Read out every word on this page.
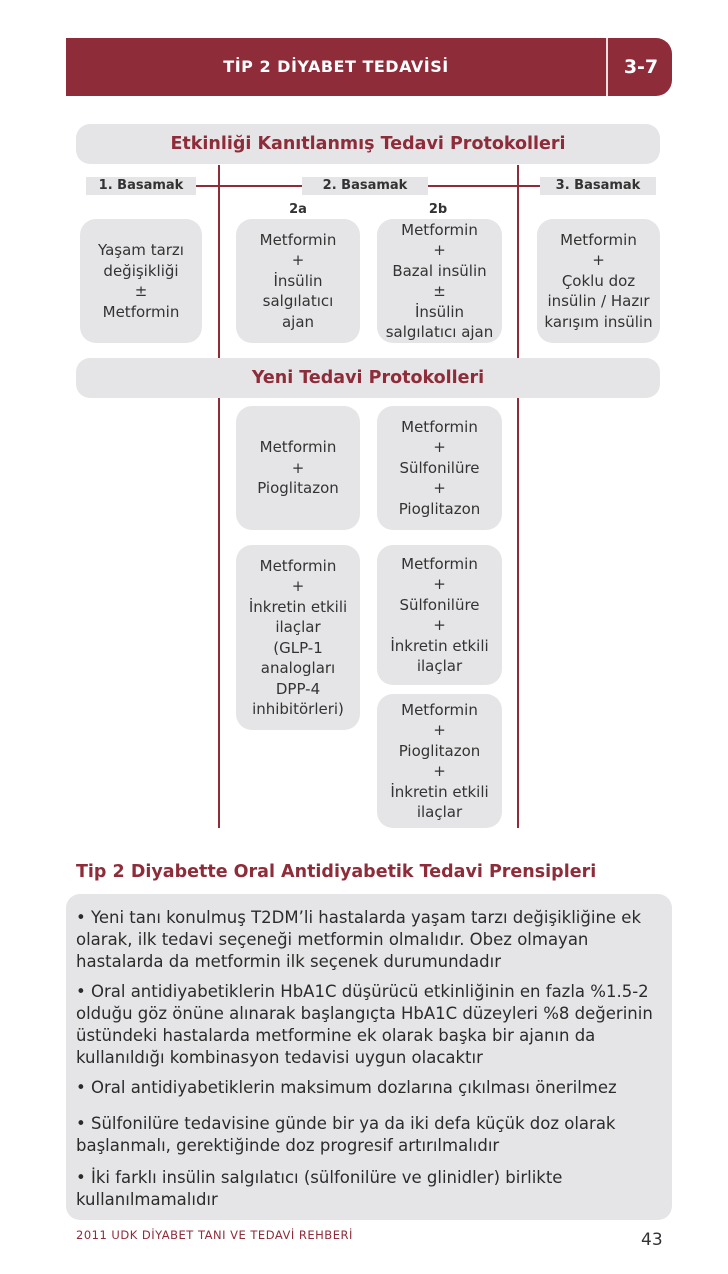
TİP 2 DİYABET TEDAVİSİ	3-7
Etkinliği Kanıtlanmış Tedavi Protokolleri
1. Basamak	2. Basamak	3. Basamak
2a	2b
Yaşam tarzı
değişikliği
±
Metformin
Metformin
+
İnsülin
salgılatıcı
ajan
Metformin
+
Bazal insülin
±
İnsülin
salgılatıcı ajan
Metformin
+
Çoklu doz
insülin / Hazır
karışım insülin
Yeni Tedavi Protokolleri
Metformin
+
Pioglitazon
Metformin
+
Sülfonilüre
+
Pioglitazon
Metformin
+
İnkretin etkili
ilaçlar
(GLP-1
analogları
DPP-4
inhibitörleri)
Metformin
+
Sülfonilüre
+
İnkretin etkili
ilaçlar
Metformin
+
Pioglitazon
+
İnkretin etkili
ilaçlar
Tip 2 Diyabette Oral Antidiyabetik Tedavi Prensipleri
• Yeni tanı konulmuş T2DM’li hastalarda yaşam tarzı değişikliğine ek olarak, ilk tedavi seçeneği metformin olmalıdır. Obez olmayan hastalarda da metformin ilk seçenek durumundadır
• Oral antidiyabetiklerin HbA1C düşürücü etkinliğinin en fazla %1.5-2 olduğu göz önüne alınarak başlangıçta HbA1C düzeyleri %8 değerinin üstündeki hastalarda metformine ek olarak başka bir ajanın da kullanıldığı kombinasyon tedavisi uygun olacaktır
• Oral antidiyabetiklerin maksimum dozlarına çıkılması önerilmez
• Sülfonilüre tedavisine günde bir ya da iki defa küçük doz olarak başlanmalı, gerektiğinde doz progresif artırılmalıdır
• İki farklı insülin salgılatıcı (sülfonilüre ve glinidler) birlikte kullanılmamalıdır
2011 UDK DİYABET TANI VE TEDAVİ REHBERİ	43
